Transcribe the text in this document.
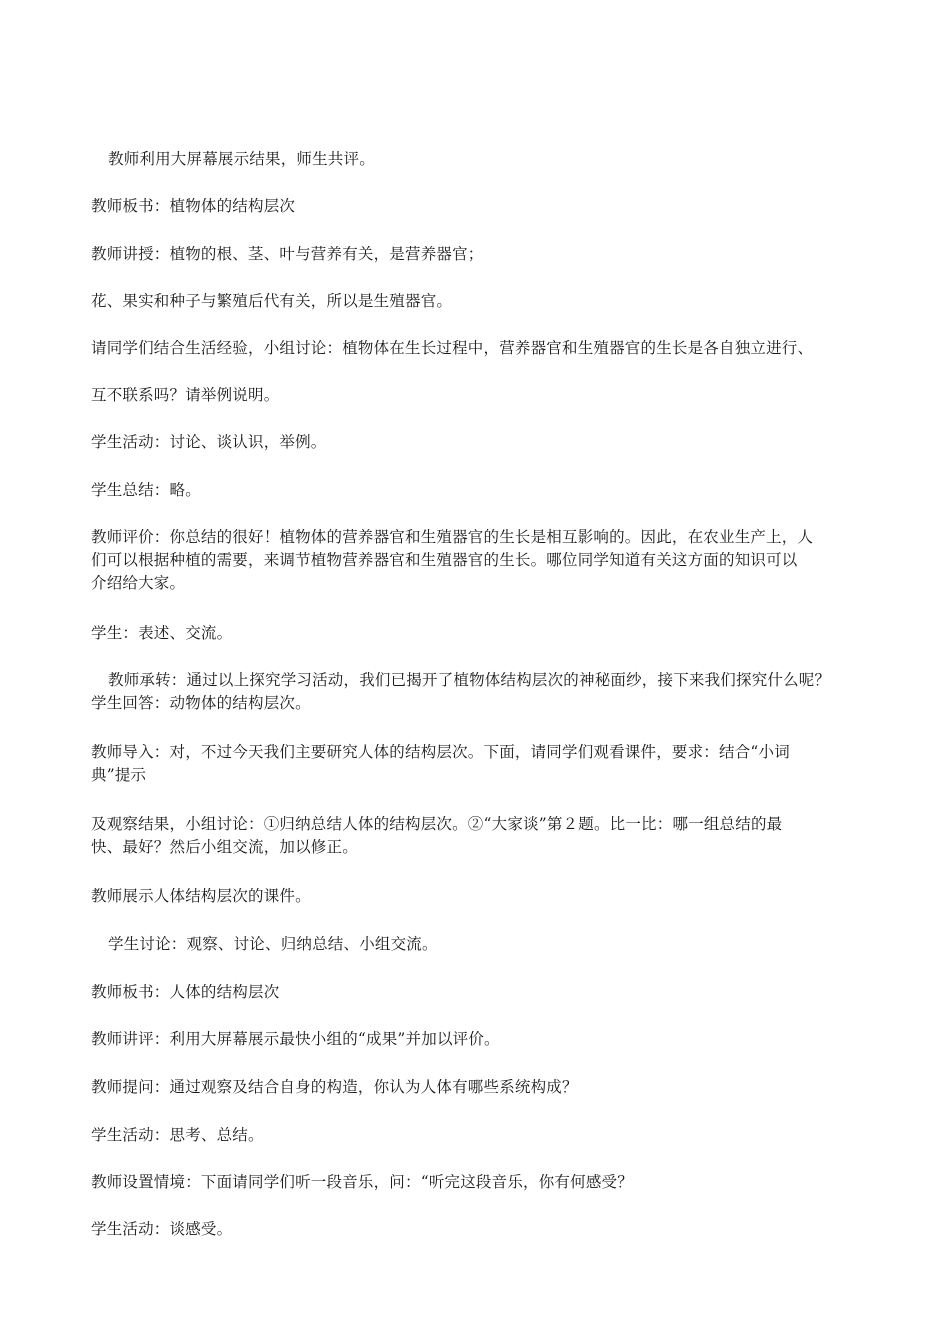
教师利用大屏幕展示结果，师生共评。
教师板书：植物体的结构层次
教师讲授：植物的根、茎、叶与营养有关，是营养器官；
花、果实和种子与繁殖后代有关，所以是生殖器官。
请同学们结合生活经验，小组讨论：植物体在生长过程中，营养器官和生殖器官的生长是各自独立进行、
互不联系吗？请举例说明。
学生活动：讨论、谈认识，举例。
学生总结：略。
教师评价：你总结的很好！植物体的营养器官和生殖器官的生长是相互影响的。因此，在农业生产上，人
们可以根据种植的需要，来调节植物营养器官和生殖器官的生长。哪位同学知道有关这方面的知识可以
介绍给大家。
学生：表述、交流。
教师承转：通过以上探究学习活动，我们已揭开了植物体结构层次的神秘面纱，接下来我们探究什么呢？
学生回答：动物体的结构层次。
教师导入：对，不过今天我们主要研究人体的结构层次。下面，请同学们观看课件，要求：结合“小词
典”提示
及观察结果，小组讨论：①归纳总结人体的结构层次。②“大家谈”第２题。比一比：哪一组总结的最
快、最好？然后小组交流，加以修正。
教师展示人体结构层次的课件。
学生讨论：观察、讨论、归纳总结、小组交流。
教师板书：人体的结构层次
教师讲评：利用大屏幕展示最快小组的“成果”并加以评价。
教师提问：通过观察及结合自身的构造，你认为人体有哪些系统构成？
学生活动：思考、总结。
教师设置情境：下面请同学们听一段音乐，问：“听完这段音乐，你有何感受？
学生活动：谈感受。
